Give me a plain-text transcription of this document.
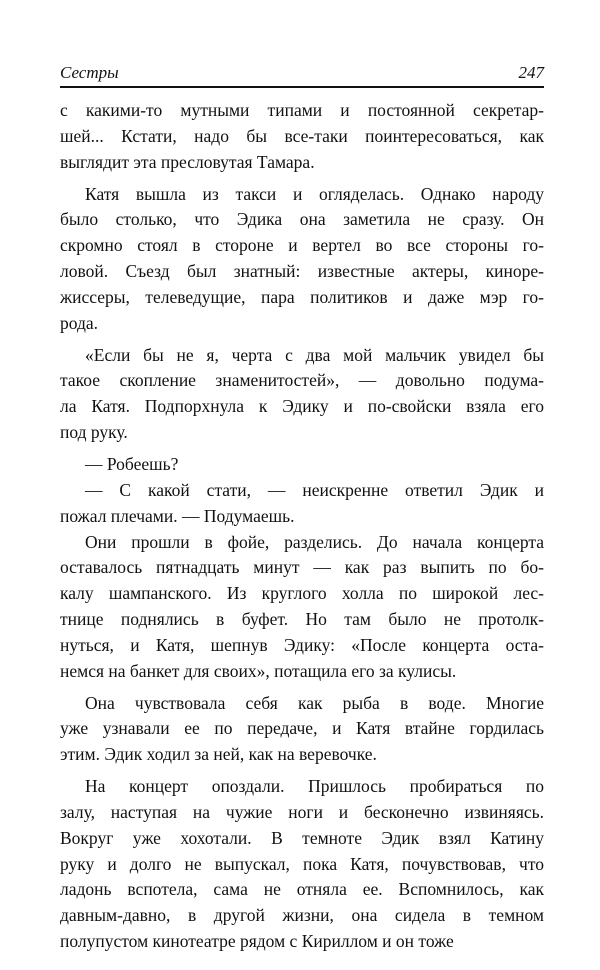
Сестры	247
с какими-то мутными типами и постоянной секретар-
шей... Кстати, надо бы все-таки поинтересоваться, как
выглядит эта пресловутая Тамара.
Катя вышла из такси и огляделась. Однако народу
было столько, что Эдика она заметила не сразу. Он
скромно стоял в стороне и вертел во все стороны го-
ловой. Съезд был знатный: известные актеры, кинорe-
жиссеры, телеведущие, пара политиков и даже мэр го-
рода.
«Если бы не я, черта с два мой мальчик увидел бы
такое скопление знаменитостей», — довольно подума-
ла Катя. Подпорхнула к Эдику и по-свойски взяла его
под руку.
— Робеешь?
— С какой стати, — неискренне ответил Эдик и
пожал плечами. — Подумаешь.
Они прошли в фойе, разделись. До начала концерта
оставалось пятнадцать минут — как раз выпить по бо-
калу шампанского. Из круглого холла по широкой лес-
тнице поднялись в буфет. Но там было не протолк-
нуться, и Катя, шепнув Эдику: «После концерта оста-
немся на банкет для своих», потащила его за кулисы.
Она чувствовала себя как рыба в воде. Многие
уже узнавали ее по передаче, и Катя втайне гордилась
этим. Эдик ходил за ней, как на веревочке.
На концерт опоздали. Пришлось пробираться по
залу, наступая на чужие ноги и бесконечно извиняясь.
Вокруг уже хохотали. В темноте Эдик взял Катину
руку и долго не выпускал, пока Катя, почувствовав, что
ладонь вспотела, сама не отняла ее. Вспомнилось, как
давным-давно, в другой жизни, она сидела в темном
полупустом кинотеатре рядом с Кириллом и он тоже
